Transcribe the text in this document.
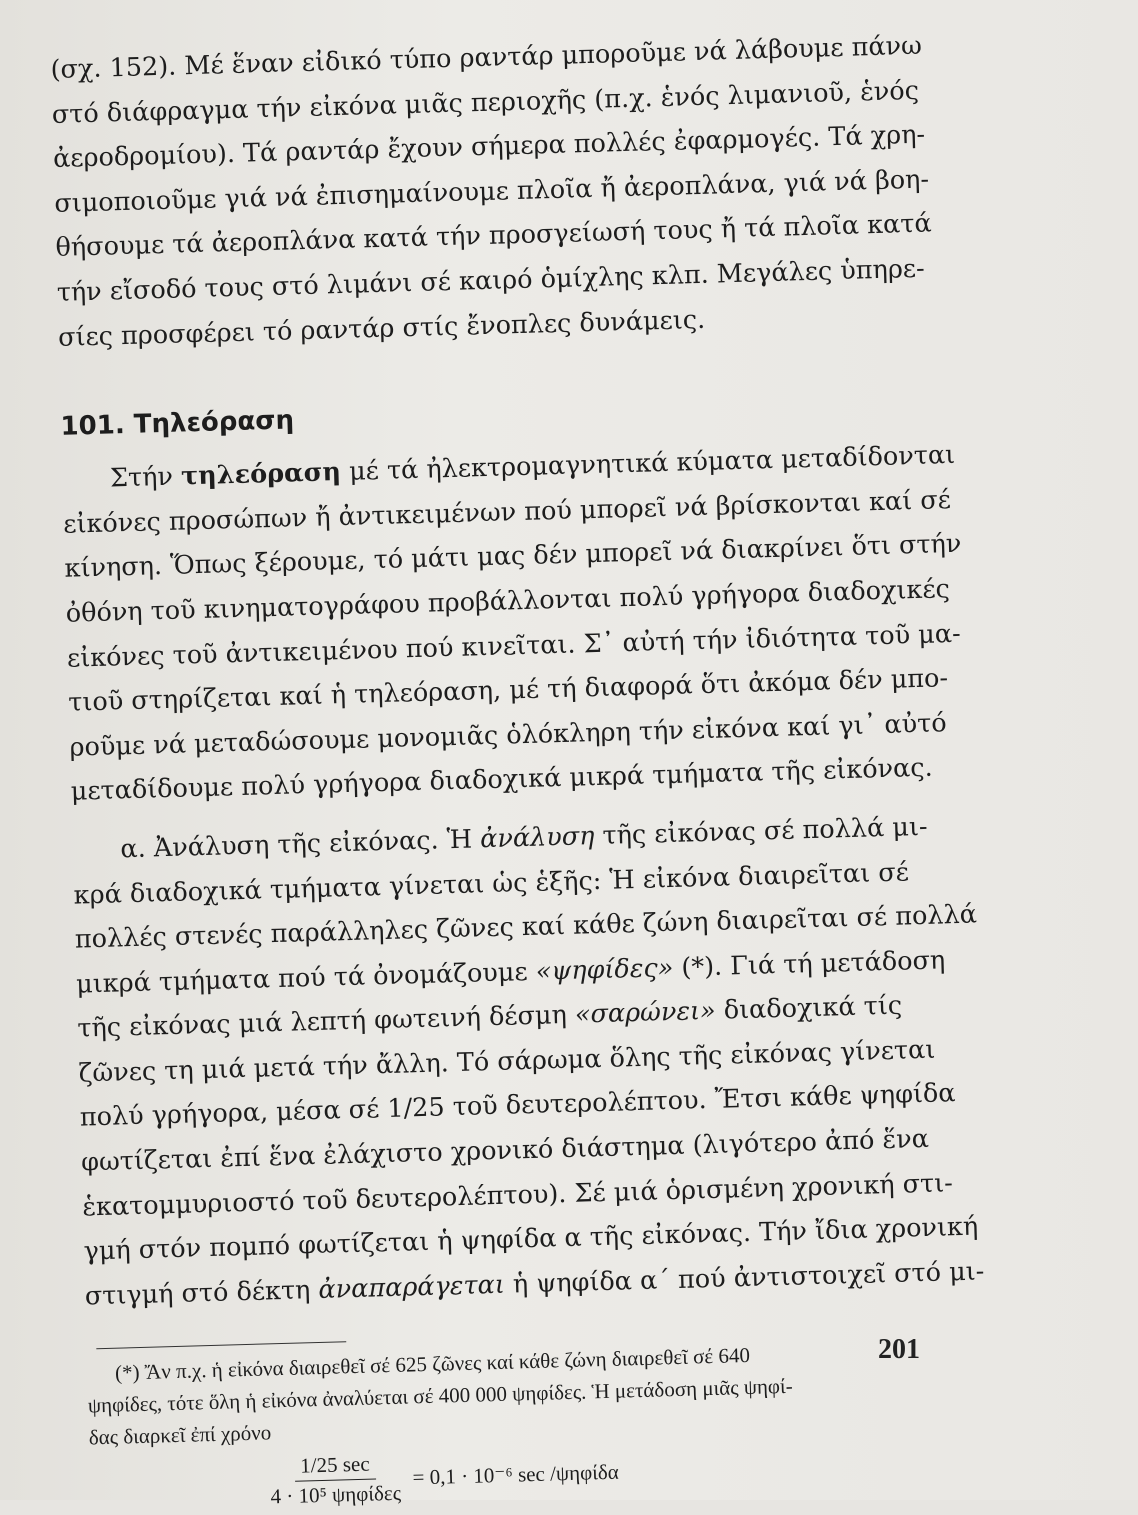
(σχ. 152). Μέ ἕναν εἰδικό τύπο ραντάρ μποροῦμε νά λάβουμε πάνω
στό διάφραγμα τήν εἰκόνα μιᾶς περιοχῆς (π.χ. ἑνός λιμανιοῦ, ἑνός
ἀεροδρομίου). Τά ραντάρ ἔχουν σήμερα πολλές ἐφαρμογές. Τά χρη-
σιμοποιοῦμε γιά νά ἐπισημαίνουμε πλοῖα ἤ ἀεροπλάνα, γιά νά βοη-
θήσουμε τά ἀεροπλάνα κατά τήν προσγείωσή τους ἤ τά πλοῖα κατά
τήν εἴσοδό τους στό λιμάνι σέ καιρό ὁμίχλης κλπ. Μεγάλες ὑπηρε-
σίες προσφέρει τό ραντάρ στίς ἔνοπλες δυνάμεις.

101. Τηλεόραση

Στήν τηλεόραση μέ τά ἠλεκτρομαγνητικά κύματα μεταδίδονται
εἰκόνες προσώπων ἤ ἀντικειμένων πού μπορεῖ νά βρίσκονται καί σέ
κίνηση. Ὅπως ξέρουμε, τό μάτι μας δέν μπορεῖ νά διακρίνει ὅτι στήν
ὀθόνη τοῦ κινηματογράφου προβάλλονται πολύ γρήγορα διαδοχικές
εἰκόνες τοῦ ἀντικειμένου πού κινεῖται. Σ᾽ αὐτή τήν ἰδιότητα τοῦ μα-
τιοῦ στηρίζεται καί ἡ τηλεόραση, μέ τή διαφορά ὅτι ἀκόμα δέν μπο-
ροῦμε νά μεταδώσουμε μονομιᾶς ὁλόκληρη τήν εἰκόνα καί γι᾽ αὐτό
μεταδίδουμε πολύ γρήγορα διαδοχικά μικρά τμήματα τῆς εἰκόνας.

α. Ἀνάλυση τῆς εἰκόνας. Ἡ ἀνάλυση τῆς εἰκόνας σέ πολλά μι-
κρά διαδοχικά τμήματα γίνεται ὡς ἑξῆς: Ἡ εἰκόνα διαιρεῖται σέ
πολλές στενές παράλληλες ζῶνες καί κάθε ζώνη διαιρεῖται σέ πολλά
μικρά τμήματα πού τά ὀνομάζουμε «ψηφίδες» (*). Γιά τή μετάδοση
τῆς εἰκόνας μιά λεπτή φωτεινή δέσμη «σαρώνει» διαδοχικά τίς
ζῶνες τη μιά μετά τήν ἄλλη. Τό σάρωμα ὅλης τῆς εἰκόνας γίνεται
πολύ γρήγορα, μέσα σέ 1/25 τοῦ δευτερολέπτου. Ἔτσι κάθε ψηφίδα
φωτίζεται ἐπί ἕνα ἐλάχιστο χρονικό διάστημα (λιγότερο ἀπό ἕνα
ἑκατομμυριοστό τοῦ δευτερολέπτου). Σέ μιά ὁρισμένη χρονική στι-
γμή στόν πομπό φωτίζεται ἡ ψηφίδα α τῆς εἰκόνας. Τήν ἴδια χρονική
στιγμή στό δέκτη ἀναπαράγεται ἡ ψηφίδα α΄ πού ἀντιστοιχεῖ στό μι-

(*) Ἄν π.χ. ἡ εἰκόνα διαιρεθεῖ σέ 625 ζῶνες καί κάθε ζώνη διαιρεθεῖ σέ 640
ψηφίδες, τότε ὅλη ἡ εἰκόνα ἀναλύεται σέ 400 000 ψηφίδες. Ἡ μετάδοση μιᾶς ψηφί-
δας διαρκεῖ ἐπί χρόνο
$\frac{1/25 \sec}{\text{4 · 10⁵ ψηφίδες}} = 0,1 \cdot 10^{-6}$ sec /ψηφίδα
201
